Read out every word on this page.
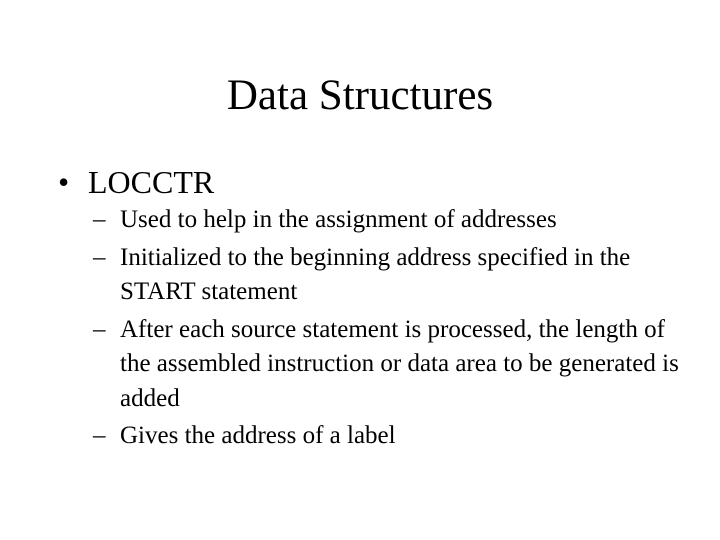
Data Structures
• LOCCTR
– Used to help in the assignment of addresses
– Initialized to the beginning address specified in the START statement
– After each source statement is processed, the length of the assembled instruction or data area to be generated is added
– Gives the address of a label
